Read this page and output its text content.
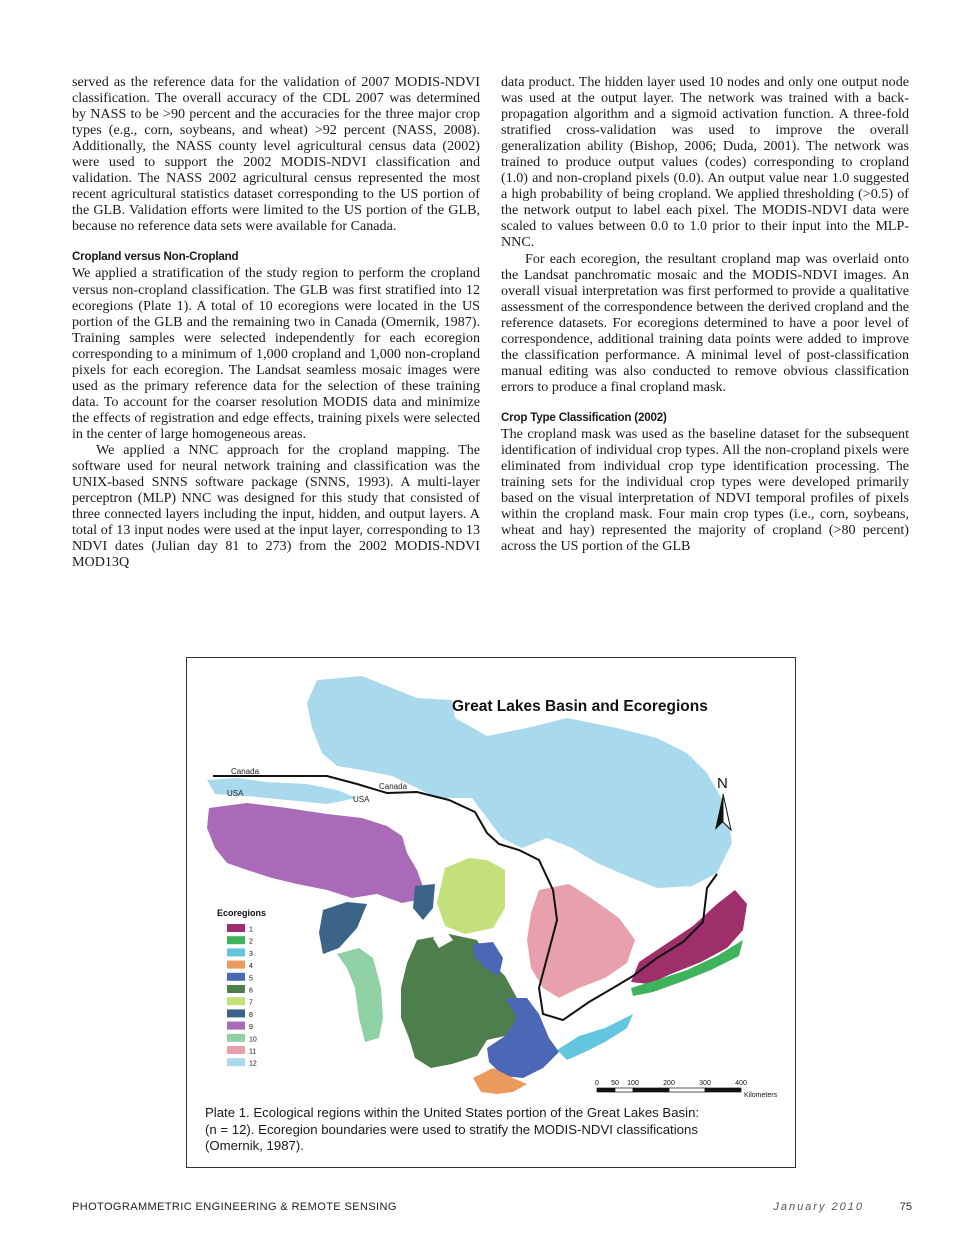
served as the reference data for the validation of 2007 MODIS-NDVI classification. The overall accuracy of the CDL 2007 was determined by NASS to be >90 percent and the accuracies for the three major crop types (e.g., corn, soybeans, and wheat) >92 percent (NASS, 2008). Additionally, the NASS county level agricultural census data (2002) were used to support the 2002 MODIS-NDVI classification and validation. The NASS 2002 agricultural census represented the most recent agricultural statistics dataset corresponding to the US portion of the GLB. Validation efforts were limited to the US portion of the GLB, because no reference data sets were available for Canada.

Cropland versus Non-Cropland

We applied a stratification of the study region to perform the cropland versus non-cropland classification. The GLB was first stratified into 12 ecoregions (Plate 1). A total of 10 ecoregions were located in the US portion of the GLB and the remaining two in Canada (Omernik, 1987). Training samples were selected independently for each ecoregion corresponding to a minimum of 1,000 cropland and 1,000 non-cropland pixels for each ecoregion. The Landsat seamless mosaic images were used as the primary reference data for the selection of these training data. To account for the coarser resolution MODIS data and minimize the effects of registration and edge effects, training pixels were selected in the center of large homogeneous areas.

We applied a NNC approach for the cropland mapping. The software used for neural network training and classification was the UNIX-based SNNS software package (SNNS, 1993). A multi-layer perceptron (MLP) NNC was designed for this study that consisted of three connected layers including the input, hidden, and output layers. A total of 13 input nodes were used at the input layer, corresponding to 13 NDVI dates (Julian day 81 to 273) from the 2002 MODIS-NDVI MOD13Q

data product. The hidden layer used 10 nodes and only one output node was used at the output layer. The network was trained with a back-propagation algorithm and a sigmoid activation function. A three-fold stratified cross-validation was used to improve the overall generalization ability (Bishop, 2006; Duda, 2001). The network was trained to produce output values (codes) corresponding to cropland (1.0) and non-cropland pixels (0.0). An output value near 1.0 suggested a high probability of being cropland. We applied thresholding (>0.5) of the network output to label each pixel. The MODIS-NDVI data were scaled to values between 0.0 to 1.0 prior to their input into the MLP-NNC.

For each ecoregion, the resultant cropland map was overlaid onto the Landsat panchromatic mosaic and the MODIS-NDVI images. An overall visual interpretation was first performed to provide a qualitative assessment of the correspondence between the derived cropland and the reference datasets. For ecoregions determined to have a poor level of correspondence, additional training data points were added to improve the classification performance. A minimal level of post-classification manual editing was also conducted to remove obvious classification errors to produce a final cropland mask.

Crop Type Classification (2002)

The cropland mask was used as the baseline dataset for the subsequent identification of individual crop types. All the non-cropland pixels were eliminated from individual crop type identification processing. The training sets for the individual crop types were developed primarily based on the visual interpretation of NDVI temporal profiles of pixels within the cropland mask. Four main crop types (i.e., corn, soybeans, wheat and hay) represented the majority of cropland (>80 percent) across the US portion of the GLB

Great Lakes Basin and Ecoregions
Canada
USA
Canada
USA
N
Ecoregions
1
2
3
4
5
6
7
8
9
10
11
12
0 50 100	200	300	400
Kilometers
Plate 1. Ecological regions within the United States portion of the Great Lakes Basin:
(n = 12). Ecoregion boundaries were used to stratify the MODIS-NDVI classifications
(Omernik, 1987).
PHOTOGRAMMETRIC ENGINEERING & REMOTE SENSING	January 2010	75
